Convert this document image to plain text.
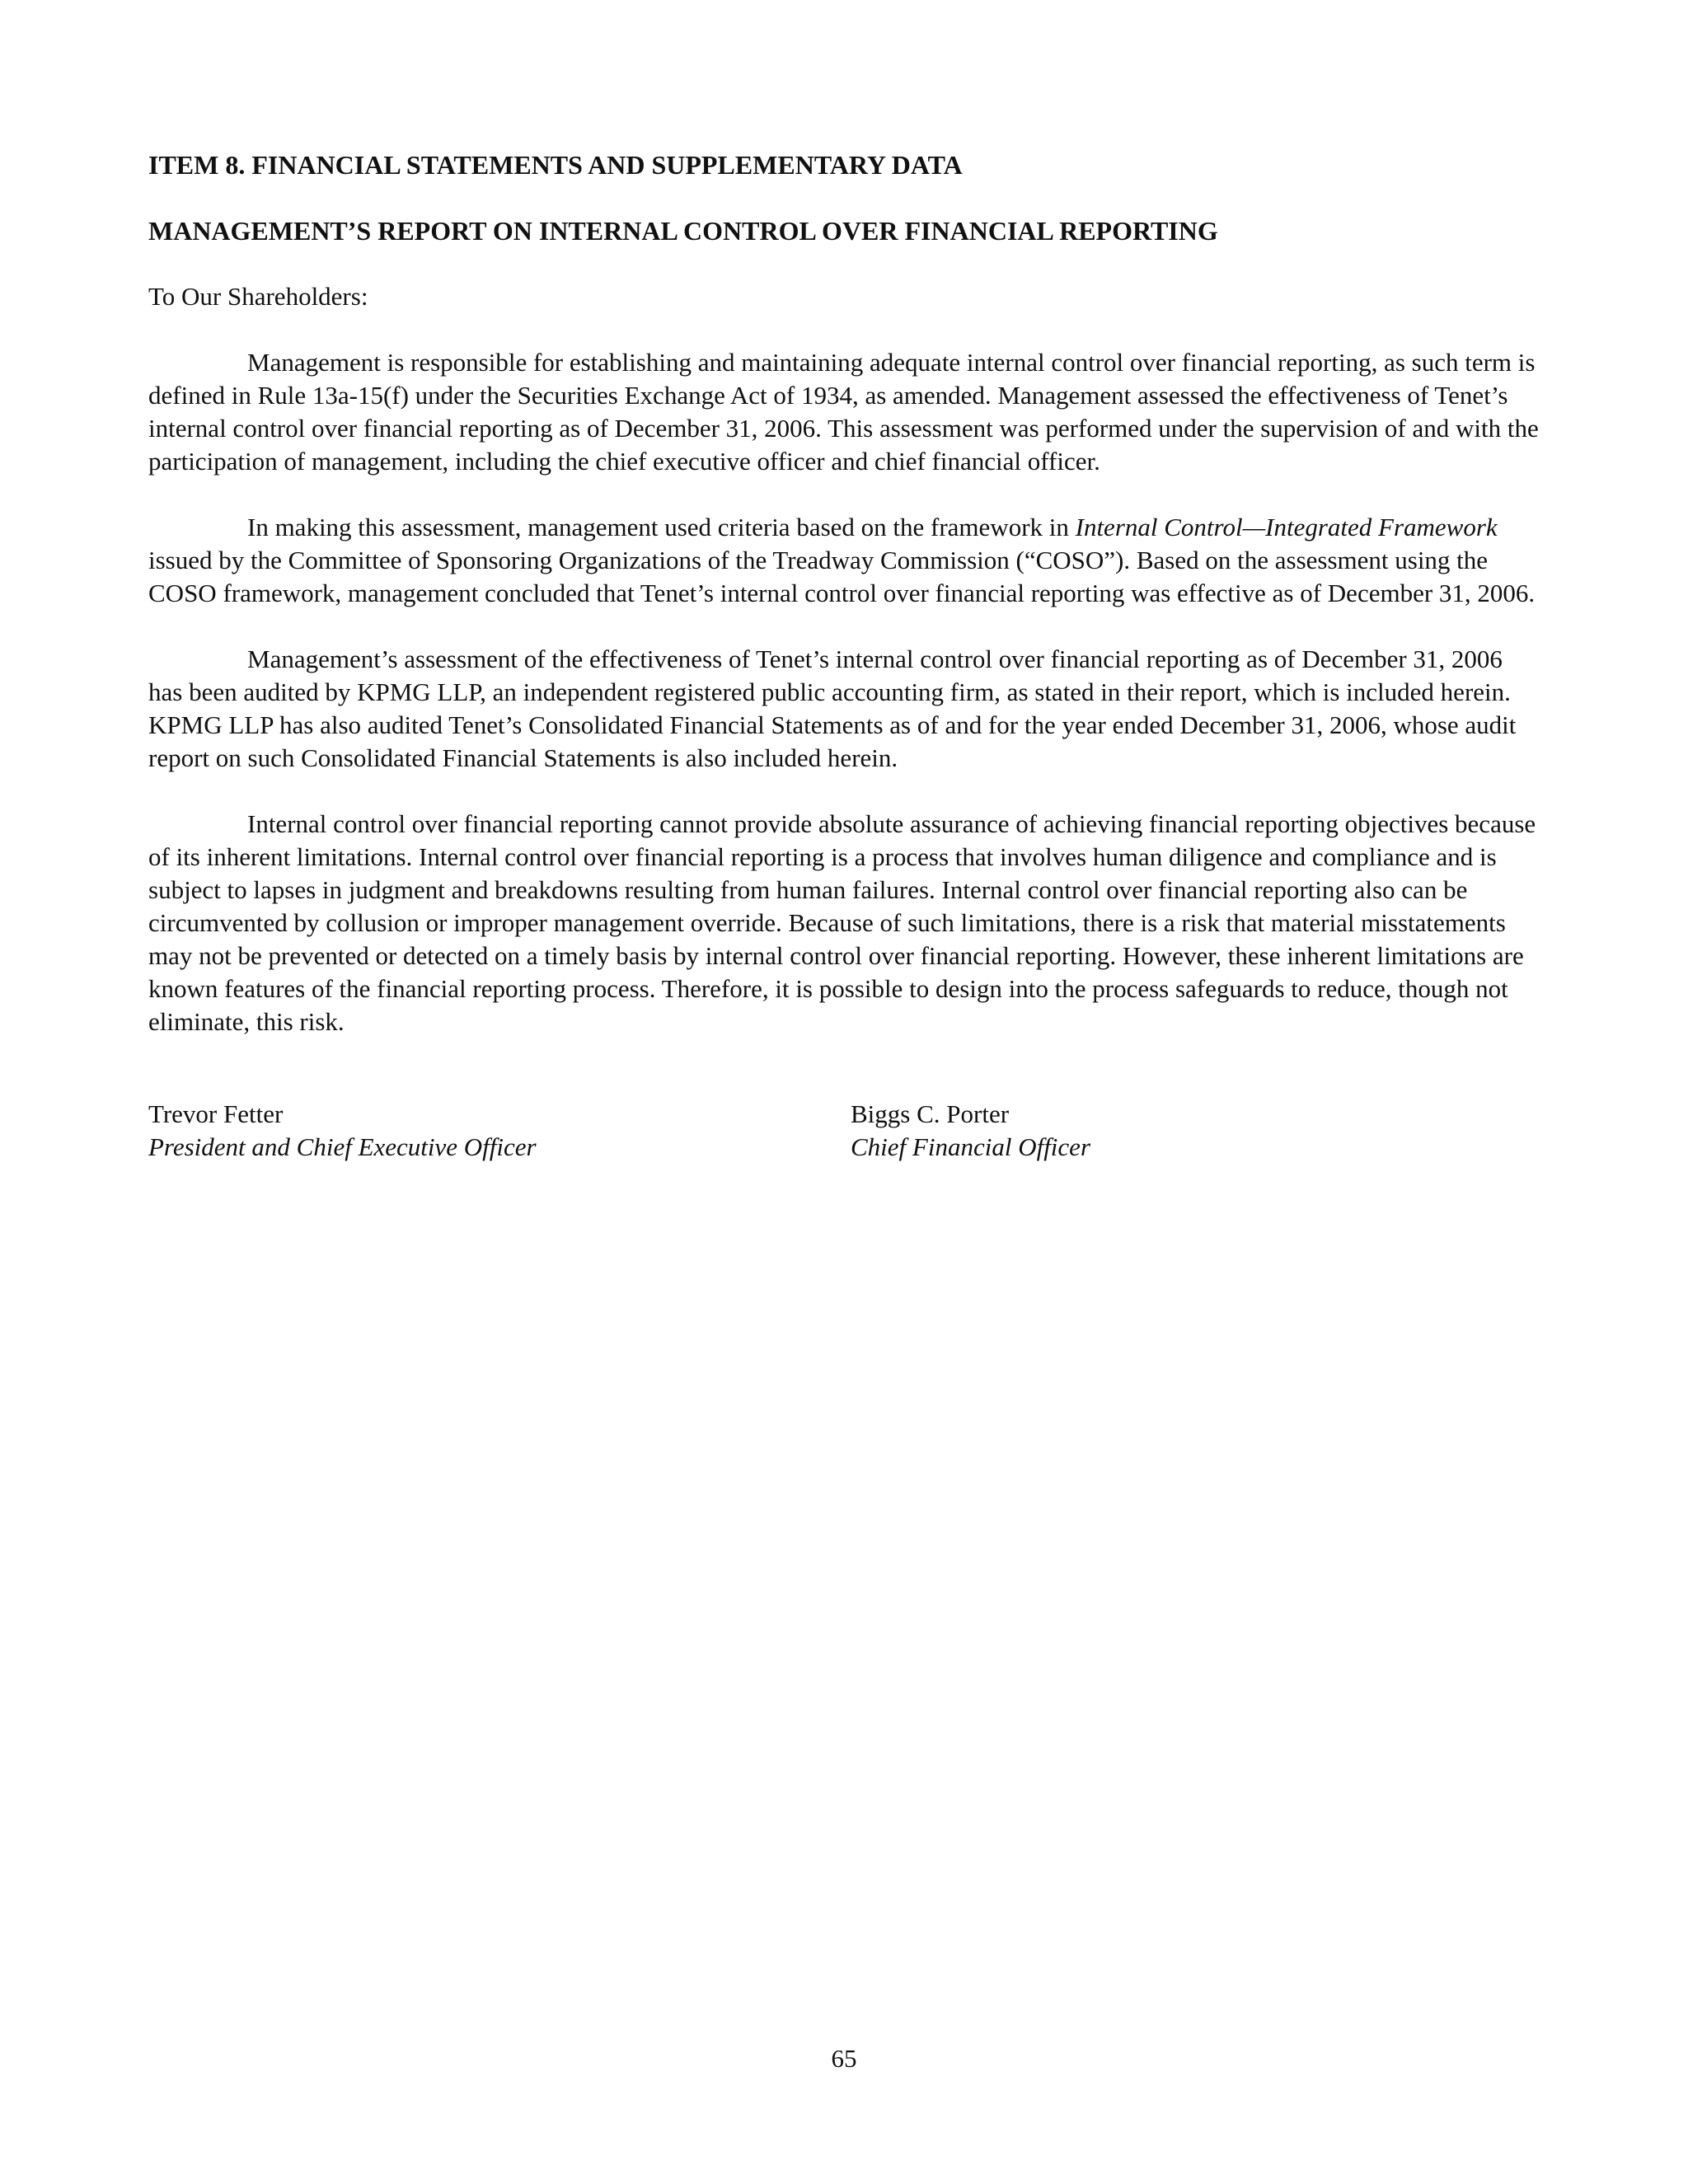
ITEM 8. FINANCIAL STATEMENTS AND SUPPLEMENTARY DATA
MANAGEMENT’S REPORT ON INTERNAL CONTROL OVER FINANCIAL REPORTING

To Our Shareholders:

Management is responsible for establishing and maintaining adequate internal control over financial reporting, as such term is defined in Rule 13a-15(f) under the Securities Exchange Act of 1934, as amended. Management assessed the effectiveness of Tenet’s internal control over financial reporting as of December 31, 2006. This assessment was performed under the supervision of and with the participation of management, including the chief executive officer and chief financial officer.

In making this assessment, management used criteria based on the framework in Internal Control—Integrated Framework issued by the Committee of Sponsoring Organizations of the Treadway Commission (“COSO”). Based on the assessment using the COSO framework, management concluded that Tenet’s internal control over financial reporting was effective as of December 31, 2006.

Management’s assessment of the effectiveness of Tenet’s internal control over financial reporting as of December 31, 2006 has been audited by KPMG LLP, an independent registered public accounting firm, as stated in their report, which is included herein. KPMG LLP has also audited Tenet’s Consolidated Financial Statements as of and for the year ended December 31, 2006, whose audit report on such Consolidated Financial Statements is also included herein.

Internal control over financial reporting cannot provide absolute assurance of achieving financial reporting objectives because of its inherent limitations. Internal control over financial reporting is a process that involves human diligence and compliance and is subject to lapses in judgment and breakdowns resulting from human failures. Internal control over financial reporting also can be circumvented by collusion or improper management override. Because of such limitations, there is a risk that material misstatements may not be prevented or detected on a timely basis by internal control over financial reporting. However, these inherent limitations are known features of the financial reporting process. Therefore, it is possible to design into the process safeguards to reduce, though not eliminate, this risk.

Trevor Fetter
President and Chief Executive Officer
Biggs C. Porter
Chief Financial Officer
65
